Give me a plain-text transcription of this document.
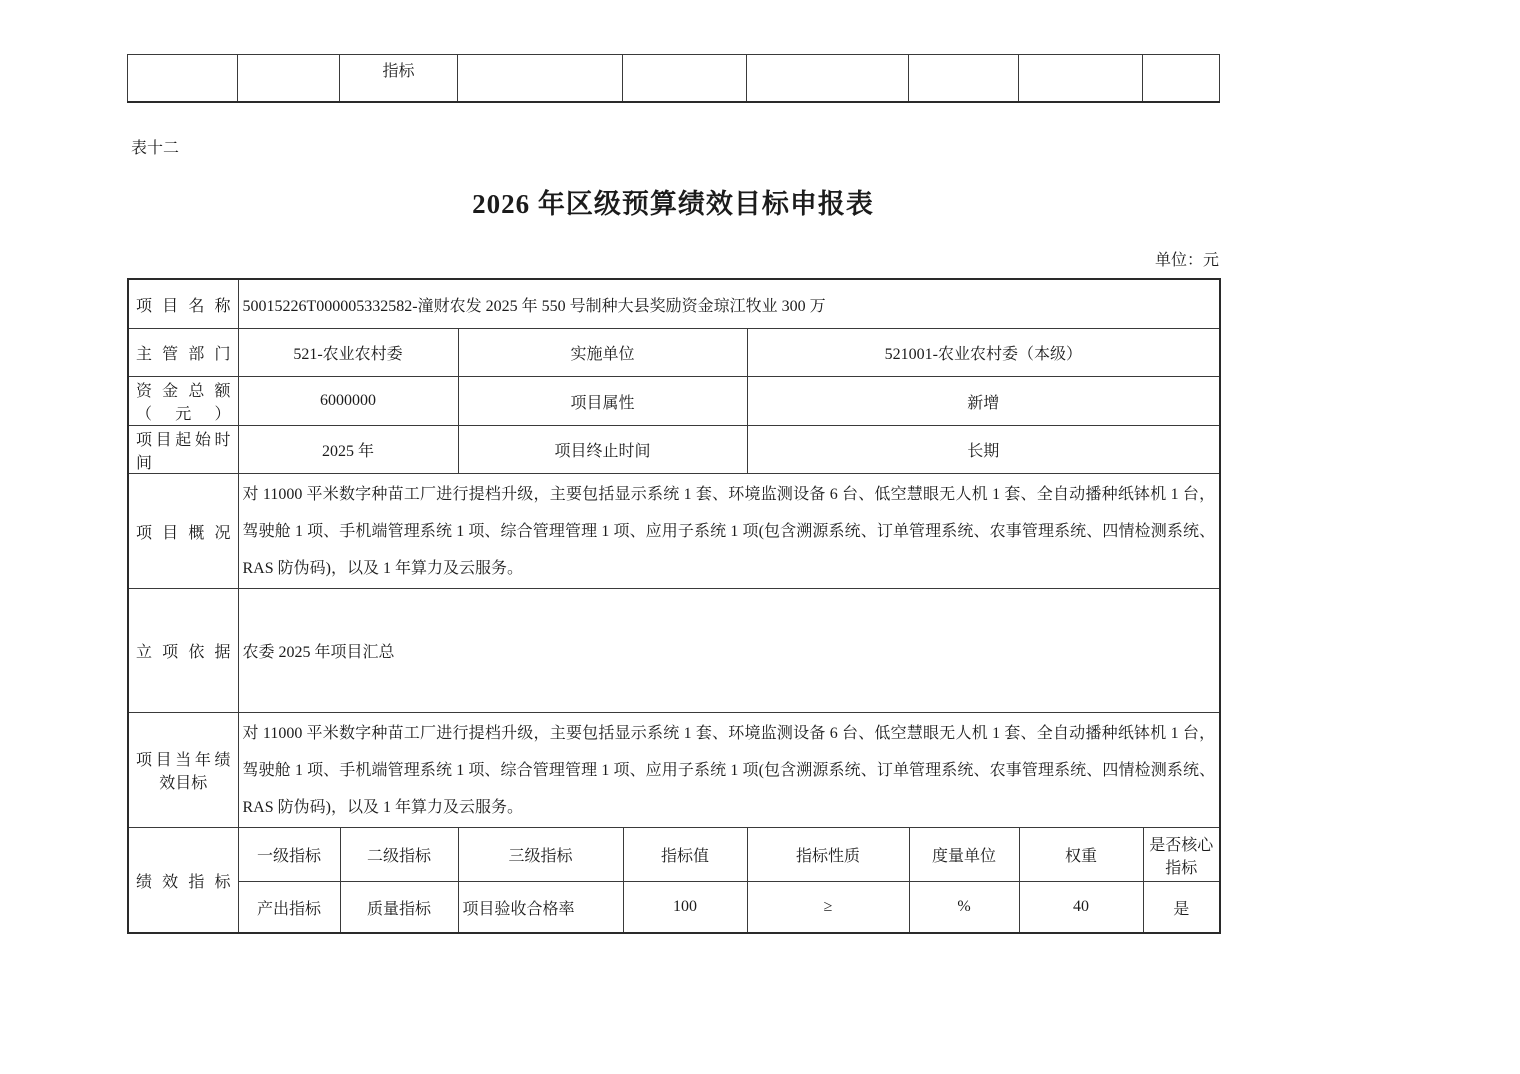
		指标						
表十二
2026 年区级预算绩效目标申报表
单位：元
项目名称	50015226T000005332582-潼财农发 2025 年 550 号制种大县奖励资金琼江牧业 300 万							
主管部门	521-农业农村委		实施单位		521001-农业农村委（本级）			
资金总额（元）	6000000		项目属性		新增			
项目起始时间	2025 年		项目终止时间		长期			
项目概况	对 11000 平米数字种苗工厂进行提档升级，主要包括显示系统 1 套、环境监测设备 6 台、低空慧眼无人机 1 套、全自动播种纸钵机 1 台，驾驶舱 1 项、手机端管理系统 1 项、综合管理管理 1 项、应用子系统 1 项(包含溯源系统、订单管理系统、农事管理系统、四情检测系统、RAS 防伪码)，以及 1 年算力及云服务。							
立项依据	农委 2025 年项目汇总							
项目当年绩效目标	对 11000 平米数字种苗工厂进行提档升级，主要包括显示系统 1 套、环境监测设备 6 台、低空慧眼无人机 1 套、全自动播种纸钵机 1 台，驾驶舱 1 项、手机端管理系统 1 项、综合管理管理 1 项、应用子系统 1 项(包含溯源系统、订单管理系统、农事管理系统、四情检测系统、RAS 防伪码)，以及 1 年算力及云服务。							
绩效指标	一级指标	二级指标	三级指标	指标值	指标性质	度量单位	权重	是否核心指标
	产出指标	质量指标	项目验收合格率	100	≥	%	40	是
